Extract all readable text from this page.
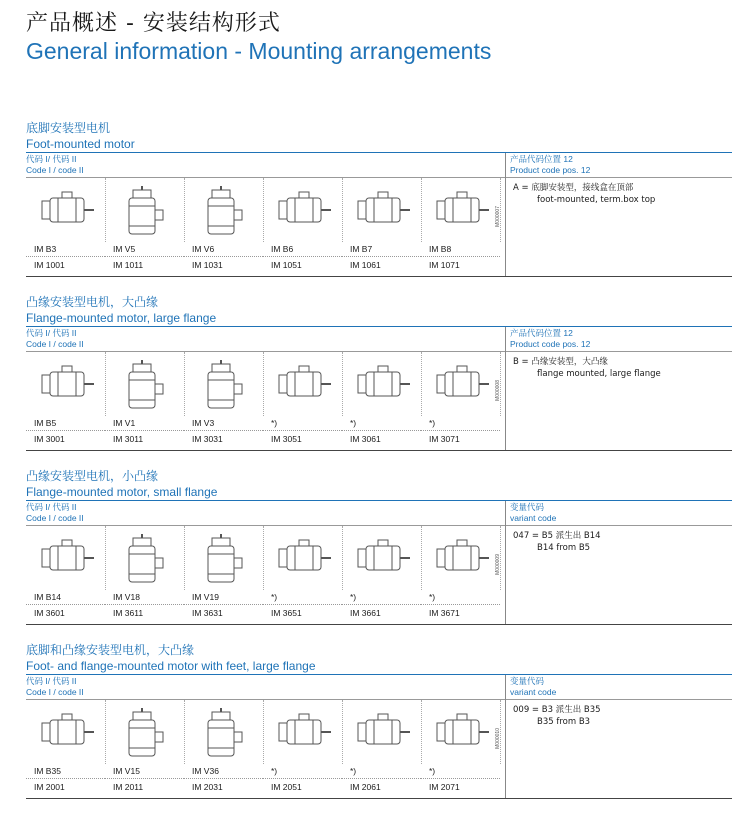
产品概述 - 安装结构形式
General information - Mounting arrangements
底脚安装型电机
Foot-mounted motor
代码 I/ 代码 II
Code I / code II
产品代码位置 12
Product code pos. 12
IM B3
IM 1001
IM V5
IM 1011
IM V6
IM 1031
IM B6
IM 1051
IM B7
IM 1061
IM B8
IM 1071
M000007
A = 底脚安装型，接线盒在顶部
foot-mounted, term.box top
凸缘安装型电机，大凸缘
Flange-mounted motor, large flange
代码 I/ 代码 II
Code I / code II
产品代码位置 12
Product code pos. 12
IM B5
IM 3001
IM V1
IM 3011
IM V3
IM 3031
*)
IM 3051
*)
IM 3061
*)
IM 3071
M000008
B = 凸缘安装型，大凸缘
flange mounted, large flange
凸缘安装型电机，小凸缘
Flange-mounted motor, small flange
代码 I/ 代码 II
Code I / code II
变量代码
variant code
IM B14
IM 3601
IM V18
IM 3611
IM V19
IM 3631
*)
IM 3651
*)
IM 3661
*)
IM 3671
M000009
047 = B5 派生出 B14
B14 from B5
底脚和凸缘安装型电机，大凸缘
Foot- and flange-mounted motor with feet, large flange
代码 I/ 代码 II
Code I / code II
变量代码
variant code
IM B35
IM 2001
IM V15
IM 2011
IM V36
IM 2031
*)
IM 2051
*)
IM 2061
*)
IM 2071
M000010
009 = B3 派生出 B35
B35 from B3
